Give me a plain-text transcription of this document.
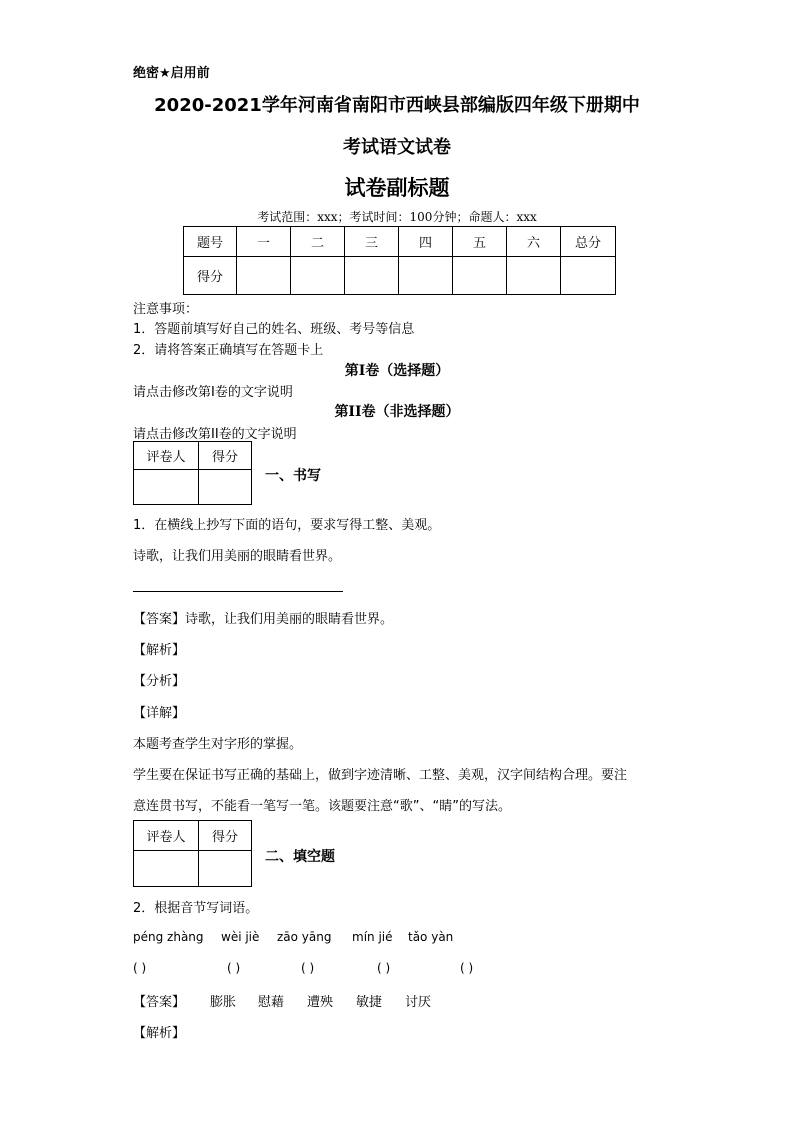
绝密★启用前
2020-2021学年河南省南阳市西峡县部编版四年级下册期中
考试语文试卷
试卷副标题
考试范围：xxx；考试时间：100分钟；命题人：xxx
题号	一	二	三	四	五	六	总分
得分							
注意事项：
1．答题前填写好自己的姓名、班级、考号等信息
2．请将答案正确填写在答题卡上
第I卷（选择题）
请点击修改第I卷的文字说明
第II卷（非选择题）
请点击修改第II卷的文字说明
评卷人	得分

一、书写
1．在横线上抄写下面的语句，要求写得工整、美观。
诗歌，让我们用美丽的眼睛看世界。
【答案】诗歌，让我们用美丽的眼睛看世界。
【解析】
【分析】
【详解】
本题考查学生对字形的掌握。
学生要在保证书写正确的基础上，做到字迹清晰、工整、美观，汉字间结构合理。要注
意连贯书写，不能看一笔写一笔。该题要注意“歌”、“睛”的写法。
评卷人	得分

二、填空题
2．根据音节写词语。
péng zhàng wèi jiè zāo yāng mín jié tǎo yàn
( )	( )	( )	( )	( )
【答案】 膨胀 慰藉 遭殃 敏捷 讨厌
【解析】
